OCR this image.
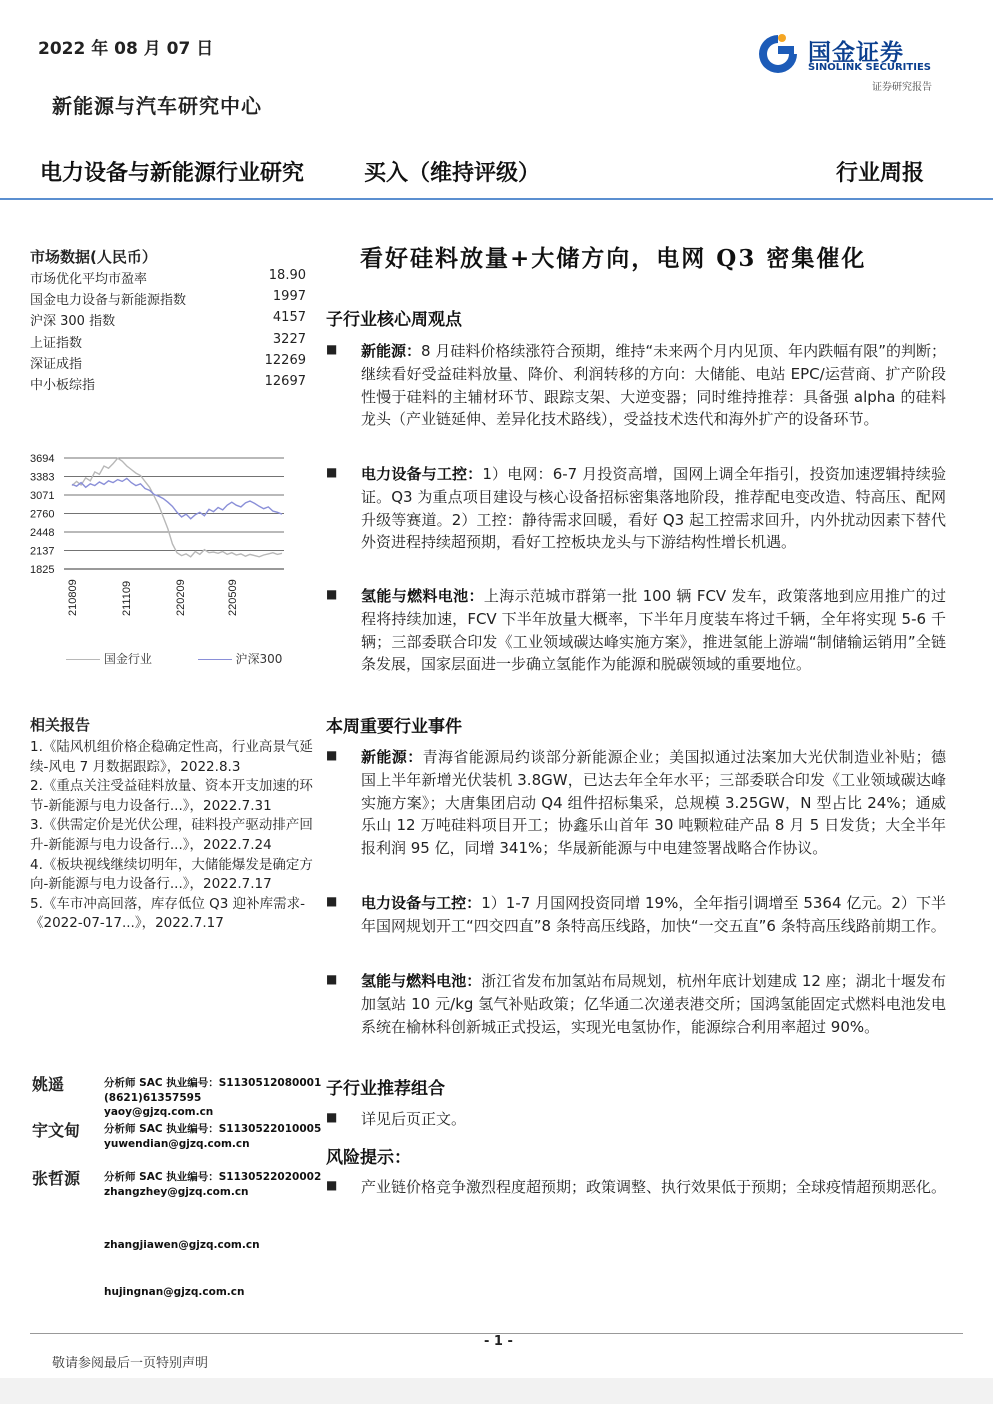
2022 年 08 月 07 日
新能源与汽车研究中心
国金证券
SINOLINK SECURITIES
证券研究报告
电力设备与新能源行业研究	买入（维持评级）	行业周报
市场数据(人民币）
市场优化平均市盈率	18.90
国金电力设备与新能源指数	1997
沪深 300 指数	4157
上证指数	3227
深证成指	12269
中小板综指	12697
3694
3383
3071
2760
2448
2137
1825
210809	211109	220209	220509
国金行业	沪深300
相关报告
1.《陆风机组价格企稳确定性高，行业高景气延续-风电 7 月数据跟踪》，2022.8.3
2.《重点关注受益硅料放量、资本开支加速的环节-新能源与电力设备行...》，2022.7.31
3.《供需定价是光伏公理，硅料投产驱动排产回升-新能源与电力设备行...》，2022.7.24
4.《板块视线继续切明年，大储能爆发是确定方向-新能源与电力设备行...》，2022.7.17
5.《车市冲高回落，库存低位 Q3 迎补库需求-《2022-07-17...》，2022.7.17
姚遥	分析师 SAC 执业编号：S1130512080001
(8621)61357595
yaoy@gjzq.com.cn
宇文甸 分析师 SAC 执业编号：S1130522010005
yuwendian@gjzq.com.cn
张哲源 分析师 SAC 执业编号：S1130522020002
zhangzhey@gjzq.com.cn
zhangjiawen@gjzq.com.cn
hujingnan@gjzq.com.cn
看好硅料放量+大储方向，电网 Q3 密集催化
子行业核心周观点
■ 新能源：8 月硅料价格续涨符合预期，维持“未来两个月内见顶、年内跌幅有限”的判断；继续看好受益硅料放量、降价、利润转移的方向：大储能、电站 EPC/运营商、扩产阶段性慢于硅料的主辅材环节、跟踪支架、大逆变器；同时维持推荐：具备强 alpha 的硅料龙头（产业链延伸、差异化技术路线），受益技术迭代和海外扩产的设备环节。
■ 电力设备与工控：1）电网：6-7 月投资高增，国网上调全年指引，投资加速逻辑持续验证。Q3 为重点项目建设与核心设备招标密集落地阶段，推荐配电变改造、特高压、配网升级等赛道。2）工控：静待需求回暖，看好 Q3 起工控需求回升，内外扰动因素下替代外资进程持续超预期，看好工控板块龙头与下游结构性增长机遇。
■ 氢能与燃料电池：上海示范城市群第一批 100 辆 FCV 发车，政策落地到应用推广的过程将持续加速，FCV 下半年放量大概率，下半年月度装车将过千辆，全年将实现 5-6 千辆；三部委联合印发《工业领域碳达峰实施方案》，推进氢能上游端“制储输运销用”全链条发展，国家层面进一步确立氢能作为能源和脱碳领域的重要地位。
本周重要行业事件
■ 新能源：青海省能源局约谈部分新能源企业；美国拟通过法案加大光伏制造业补贴；德国上半年新增光伏装机 3.8GW，已达去年全年水平；三部委联合印发《工业领域碳达峰实施方案》；大唐集团启动 Q4 组件招标集采，总规模 3.25GW，N 型占比 24%；通威乐山 12 万吨硅料项目开工；协鑫乐山首年 30 吨颗粒硅产品 8 月 5 日发货；大全半年报利润 95 亿，同增 341%；华晟新能源与中电建签署战略合作协议。
■ 电力设备与工控：1）1-7 月国网投资同增 19%，全年指引调增至 5364 亿元。2）下半年国网规划开工“四交四直”8 条特高压线路，加快“一交五直”6 条特高压线路前期工作。
■ 氢能与燃料电池：浙江省发布加氢站布局规划，杭州年底计划建成 12 座；湖北十堰发布加氢站 10 元/kg 氢气补贴政策；亿华通二次递表港交所；国鸿氢能固定式燃料电池发电系统在榆林科创新城正式投运，实现光电氢协作，能源综合利用率超过 90%。
子行业推荐组合
■ 详见后页正文。
风险提示：
■ 产业链价格竞争激烈程度超预期；政策调整、执行效果低于预期；全球疫情超预期恶化。
- 1 -
敬请参阅最后一页特别声明
